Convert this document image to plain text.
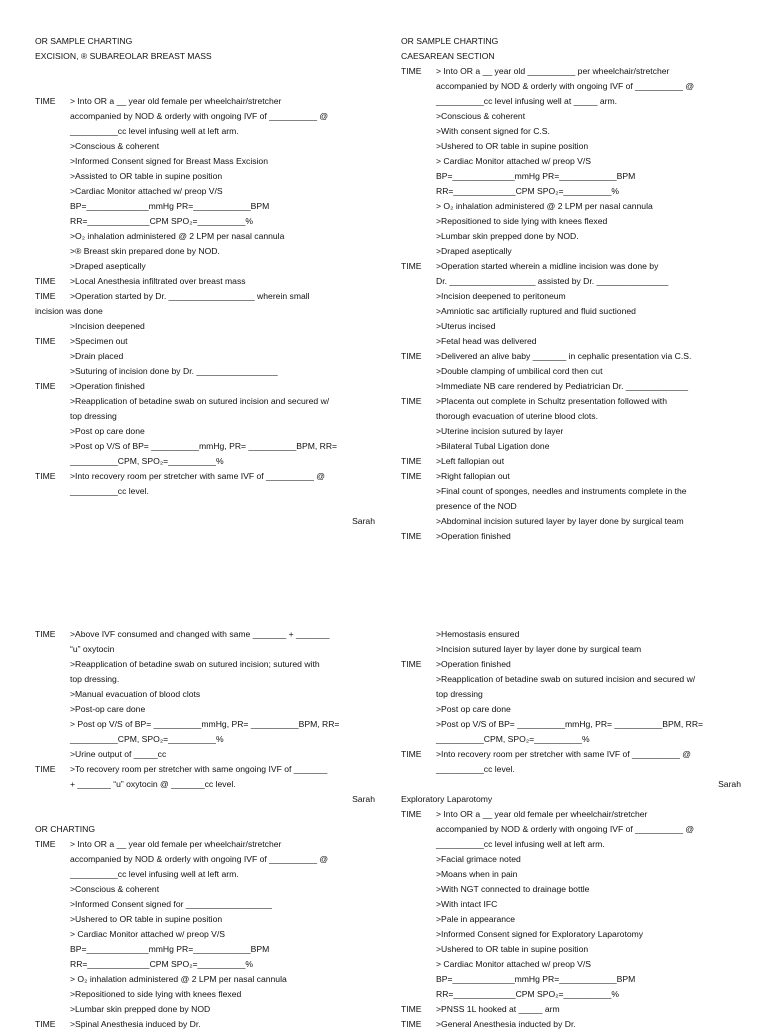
OR SAMPLE CHARTING
EXCISION, ® SUBAREOLAR BREAST MASS
TIME > Into OR a __ year old female per wheelchair/stretcher
accompanied by NOD & orderly with ongoing IVF of __________ @
__________cc level infusing well at left arm.
>Conscious & coherent
>Informed Consent signed for Breast Mass Excision
>Assisted to OR table in supine position
>Cardiac Monitor attached w/ preop V/S
BP=_____________mmHg PR=____________BPM
RR=_____________CPM SPO₂=__________%
>O₂ inhalation administered @ 2 LPM per nasal cannula
>® Breast skin prepared done by NOD.
>Draped aseptically
TIME >Local Anesthesia infiltrated over breast mass
TIME >Operation started by Dr. __________________ wherein small
incision was done
>Incision deepened
TIME >Specimen out
>Drain placed
>Suturing of incision done by Dr. _________________
TIME >Operation finished
>Reapplication of betadine swab on sutured incision and secured w/
top dressing
>Post op care done
>Post op V/S of BP= __________mmHg, PR= __________BPM, RR=
__________CPM, SPO₂=__________%
TIME >Into recovery room per stretcher with same IVF of __________ @
__________cc level.
Sarah
OR SAMPLE CHARTING
CAESAREAN SECTION
TIME > Into OR a __ year old __________ per wheelchair/stretcher
accompanied by NOD & orderly with ongoing IVF of __________ @
__________cc level infusing well at _____ arm.
>Conscious & coherent
>With consent signed for C.S.
>Ushered to OR table in supine position
> Cardiac Monitor attached w/ preop V/S
BP=_____________mmHg PR=____________BPM
RR=_____________CPM SPO₂=__________%
> O₂ inhalation administered @ 2 LPM per nasal cannula
>Repositioned to side lying with knees flexed
>Lumbar skin prepped done by NOD.
>Draped aseptically
TIME >Operation started wherein a midline incision was done by
Dr. __________________ assisted by Dr. _______________
>Incision deepened to peritoneum
>Amniotic sac artificially ruptured and fluid suctioned
>Uterus incised
>Fetal head was delivered
TIME >Delivered an alive baby _______ in cephalic presentation via C.S.
>Double clamping of umbilical cord then cut
>Immediate NB care rendered by Pediatrician Dr. _____________
TIME >Placenta out complete in Schultz presentation followed with
thorough evacuation of uterine blood clots.
>Uterine incision sutured by layer
>Bilateral Tubal Ligation done
TIME >Left fallopian out
TIME >Right fallopian out
>Final count of sponges, needles and instruments complete in the
presence of the NOD
>Abdominal incision sutured layer by layer done by surgical team
TIME >Operation finished
TIME >Above IVF consumed and changed with same _______ + _______
“u” oxytocin
>Reapplication of betadine swab on sutured incision; sutured with
top dressing.
>Manual evacuation of blood clots
>Post-op care done
> Post op V/S of BP= __________mmHg, PR= __________BPM, RR=
__________CPM, SPO₂=__________%
>Urine output of _____cc
TIME >To recovery room per stretcher with same ongoing IVF of _______
+ _______ “u” oxytocin @ _______cc level.
Sarah
OR CHARTING
TIME > Into OR a __ year old female per wheelchair/stretcher
accompanied by NOD & orderly with ongoing IVF of __________ @
__________cc level infusing well at left arm.
>Conscious & coherent
>Informed Consent signed for __________________
>Ushered to OR table in supine position
> Cardiac Monitor attached w/ preop V/S
BP=_____________mmHg PR=____________BPM
RR=_____________CPM SPO₂=__________%
> O₂ inhalation administered @ 2 LPM per nasal cannula
>Repositioned to side lying with knees flexed
>Lumbar skin prepped done by NOD
TIME >Spinal Anesthesia induced by Dr.
>Hemostasis ensured
>Incision sutured layer by layer done by surgical team
TIME >Operation finished
>Reapplication of betadine swab on sutured incision and secured w/
top dressing
>Post op care done
>Post op V/S of BP= __________mmHg, PR= __________BPM, RR=
__________CPM, SPO₂=__________%
TIME >Into recovery room per stretcher with same IVF of __________ @
__________cc level.
Sarah
Exploratory Laparotomy
TIME > Into OR a __ year old female per wheelchair/stretcher
accompanied by NOD & orderly with ongoing IVF of __________ @
__________cc level infusing well at left arm.
>Facial grimace noted
>Moans when in pain
>With NGT connected to drainage bottle
>With intact IFC
>Pale in appearance
>Informed Consent signed for Exploratory Laparotomy
>Ushered to OR table in supine position
> Cardiac Monitor attached w/ preop V/S
BP=_____________mmHg PR=____________BPM
RR=_____________CPM SPO₂=__________%
TIME >PNSS 1L hooked at _____ arm
TIME >General Anesthesia inducted by Dr.
